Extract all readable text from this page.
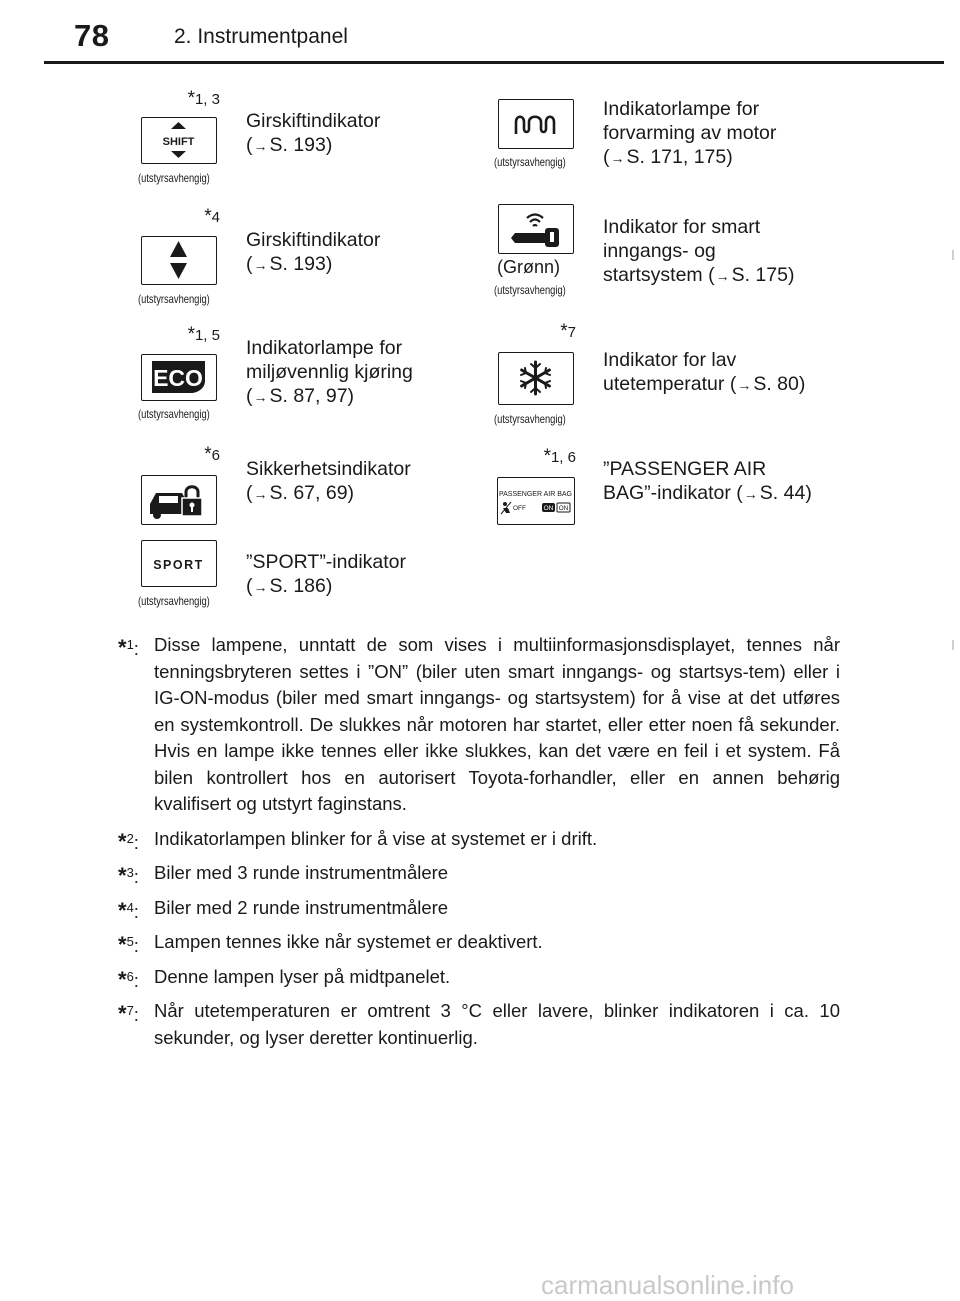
78	2. Instrumentpanel
*1, 3
SHIFT
(utstyrsavhengig)
Girskiftindikator
(→ S. 193)
*4
(utstyrsavhengig)
Girskiftindikator
(→ S. 193)
*1, 5
ECO
(utstyrsavhengig)
Indikatorlampe for
miljøvennlig kjøring
(→ S. 87, 97)
*6
Sikkerhetsindikator
(→ S. 67, 69)
SPORT
(utstyrsavhengig)
”SPORT”-indikator
(→ S. 186)
(utstyrsavhengig)
Indikatorlampe for
forvarming av motor
(→ S. 171, 175)
(Grønn)
(utstyrsavhengig)
Indikator for smart
inngangs- og
startsystem (→ S. 175)
*7
(utstyrsavhengig)
Indikator for lav
utetemperatur (→ S. 80)
*1, 6
PASSENGER AIR BAG
OFF	ON ON
”PASSENGER AIR
BAG”-indikator (→ S. 44)
*$^1$: Disse lampene, unntatt de som vises i multiinformasjonsdisplayet, tennes når tenningsbryteren settes i ”ON” (biler uten smart inngangs- og startsys-tem) eller i IG-ON-modus (biler med smart inngangs- og startsystem) for å vise at det utføres en systemkontroll. De slukkes når motoren har startet, eller etter noen få sekunder. Hvis en lampe ikke tennes eller ikke slukkes, kan det være en feil i et system. Få bilen kontrollert hos en autorisert Toyota-forhandler, eller en annen behørig kvalifisert og utstyrt faginstans.
*$^2$: Indikatorlampen blinker for å vise at systemet er i drift.
*$^3$: Biler med 3 runde instrumentmålere
*$^4$: Biler med 2 runde instrumentmålere
*$^5$: Lampen tennes ikke når systemet er deaktivert.
*$^6$: Denne lampen lyser på midtpanelet.
*$^7$: Når utetemperaturen er omtrent 3 °C eller lavere, blinker indikatoren i ca. 10 sekunder, og lyser deretter kontinuerlig.
carmanualsonline.info
